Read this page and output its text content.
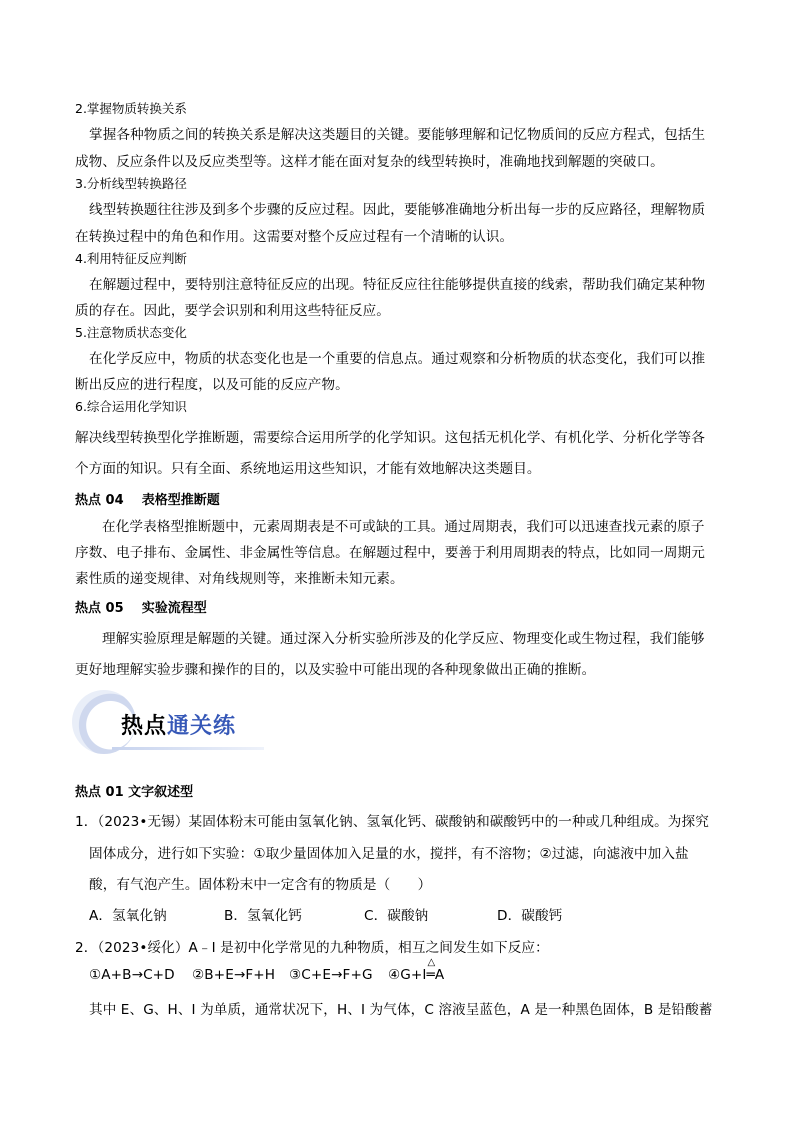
2.掌握物质转换关系
掌握各种物质之间的转换关系是解决这类题目的关键。要能够理解和记忆物质间的反应方程式，包括生
成物、反应条件以及反应类型等。这样才能在面对复杂的线型转换时，准确地找到解题的突破口。
3.分析线型转换路径
线型转换题往往涉及到多个步骤的反应过程。因此，要能够准确地分析出每一步的反应路径，理解物质
在转换过程中的角色和作用。这需要对整个反应过程有一个清晰的认识。
4.利用特征反应判断
在解题过程中，要特别注意特征反应的出现。特征反应往往能够提供直接的线索，帮助我们确定某种物
质的存在。因此，要学会识别和利用这些特征反应。
5.注意物质状态变化
在化学反应中，物质的状态变化也是一个重要的信息点。通过观察和分析物质的状态变化，我们可以推
断出反应的进行程度，以及可能的反应产物。
6.综合运用化学知识
解决线型转换型化学推断题，需要综合运用所学的化学知识。这包括无机化学、有机化学、分析化学等各
个方面的知识。只有全面、系统地运用这些知识，才能有效地解决这类题目。
热点 04    表格型推断题
在化学表格型推断题中，元素周期表是不可或缺的工具。通过周期表，我们可以迅速查找元素的原子
序数、电子排布、金属性、非金属性等信息。在解题过程中，要善于利用周期表的特点，比如同一周期元
素性质的递变规律、对角线规则等，来推断未知元素。
热点 05    实验流程型
理解实验原理是解题的关键。通过深入分析实验所涉及的化学反应、物理变化或生物过程，我们能够
更好地理解实验步骤和操作的目的，以及实验中可能出现的各种现象做出正确的推断。
热点通关练
热点 01 文字叙述型
1．（2023•无锡）某固体粉末可能由氢氧化钠、氢氧化钙、碳酸钠和碳酸钙中的一种或几种组成。为探究
固体成分，进行如下实验：①取少量固体加入足量的水，搅拌，有不溶物；②过滤，向滤液中加入盐
酸，有气泡产生。固体粉末中一定含有的物质是（　　）
A．氢氧化钠	B．氢氧化钙	C．碳酸钠	D．碳酸钙
2．（2023•绥化）A﹣I 是初中化学常见的九种物质，相互之间发生如下反应：
①A+B→C+D ②B+E→F+H ③C+E→F+G ④G+I
△
═A
其中 E、G、H、I 为单质，通常状况下，H、I 为气体，C 溶液呈蓝色，A 是一种黑色固体，B 是铅酸蓄
